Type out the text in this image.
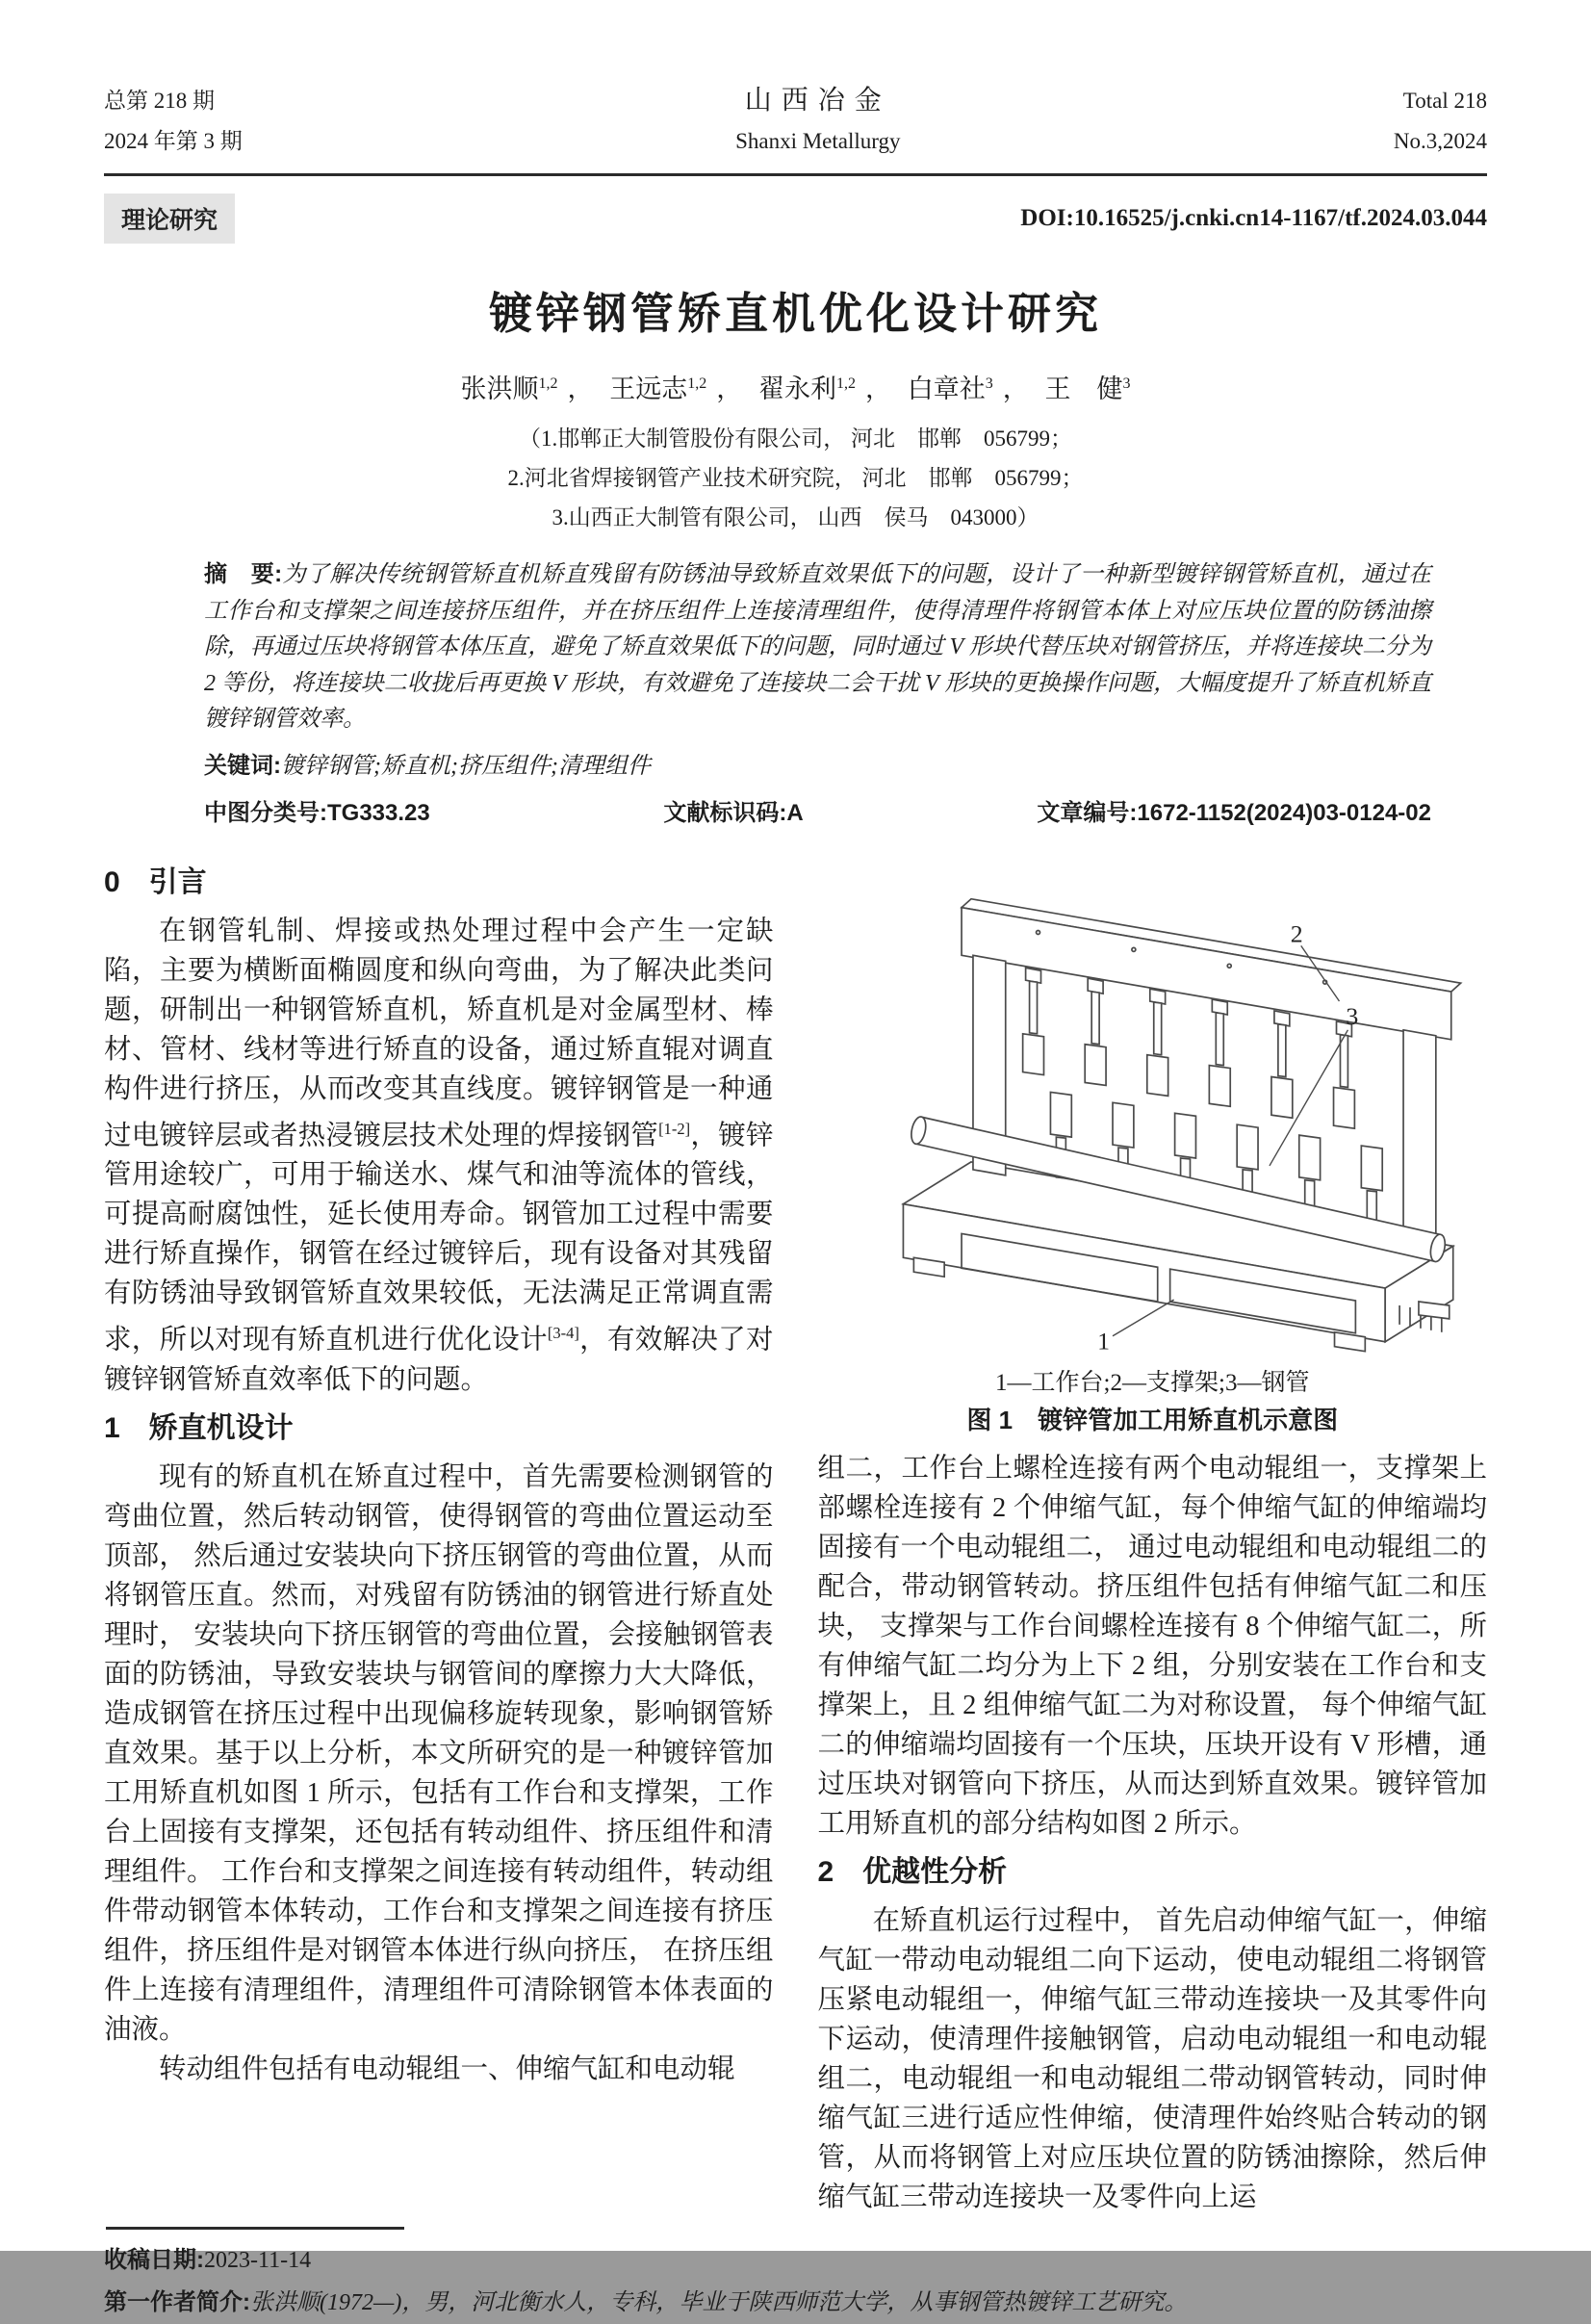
总第 218 期
2024 年第 3 期
山西冶金
Shanxi Metallurgy
Total 218
No.3,2024
理论研究	DOI:10.16525/j.cnki.cn14-1167/tf.2024.03.044
镀锌钢管矫直机优化设计研究
张洪顺$^{1,2}$ ， 王远志$^{1,2}$ ， 翟永利$^{1,2}$ ， 白章社$^3$ ， 王　健$^3$
（1.邯郸正大制管股份有限公司， 河北　邯郸　056799；
2.河北省焊接钢管产业技术研究院， 河北　邯郸　056799；
3.山西正大制管有限公司， 山西　侯马　043000）
摘　要:为了解决传统钢管矫直机矫直残留有防锈油导致矫直效果低下的问题，设计了一种新型镀锌钢管矫直机，通过在工作台和支撑架之间连接挤压组件，并在挤压组件上连接清理组件，使得清理件将钢管本体上对应压块位置的防锈油擦除，再通过压块将钢管本体压直，避免了矫直效果低下的问题，同时通过 V 形块代替压块对钢管挤压，并将连接块二分为 2 等份，将连接块二收拢后再更换 V 形块，有效避免了连接块二会干扰 V 形块的更换操作问题，大幅度提升了矫直机矫直镀锌钢管效率。
关键词:镀锌钢管;矫直机;挤压组件;清理组件
中图分类号:TG333.23	文献标识码:A	文章编号:1672-1152(2024)03-0124-02
0　引言

在钢管轧制、焊接或热处理过程中会产生一定缺陷，主要为横断面椭圆度和纵向弯曲，为了解决此类问题，研制出一种钢管矫直机，矫直机是对金属型材、棒材、管材、线材等进行矫直的设备，通过矫直辊对调直构件进行挤压，从而改变其直线度。镀锌钢管是一种通过电镀锌层或者热浸镀层技术处理的焊接钢管[1-2]，镀锌管用途较广，可用于输送水、煤气和油等流体的管线，可提高耐腐蚀性，延长使用寿命。钢管加工过程中需要进行矫直操作，钢管在经过镀锌后，现有设备对其残留有防锈油导致钢管矫直效果较低，无法满足正常调直需求，所以对现有矫直机进行优化设计[3-4]，有效解决了对镀锌钢管矫直效率低下的问题。

1　矫直机设计

现有的矫直机在矫直过程中，首先需要检测钢管的弯曲位置，然后转动钢管，使得钢管的弯曲位置运动至顶部， 然后通过安装块向下挤压钢管的弯曲位置，从而将钢管压直。然而，对残留有防锈油的钢管进行矫直处理时， 安装块向下挤压钢管的弯曲位置，会接触钢管表面的防锈油，导致安装块与钢管间的摩擦力大大降低，造成钢管在挤压过程中出现偏移旋转现象，影响钢管矫直效果。基于以上分析，本文所研究的是一种镀锌管加工用矫直机如图 1 所示，包括有工作台和支撑架，工作台上固接有支撑架，还包括有转动组件、挤压组件和清理组件。 工作台和支撑架之间连接有转动组件，转动组件带动钢管本体转动，工作台和支撑架之间连接有挤压组件，挤压组件是对钢管本体进行纵向挤压， 在挤压组件上连接有清理组件，清理组件可清除钢管本体表面的油液。

转动组件包括有电动辊组一、伸缩气缸和电动辊

2
3
1
1—工作台;2—支撑架;3—钢管
图 1　镀锌管加工用矫直机示意图

组二，工作台上螺栓连接有两个电动辊组一，支撑架上部螺栓连接有 2 个伸缩气缸，每个伸缩气缸的伸缩端均固接有一个电动辊组二， 通过电动辊组和电动辊组二的配合，带动钢管转动。挤压组件包括有伸缩气缸二和压块， 支撑架与工作台间螺栓连接有 8 个伸缩气缸二，所有伸缩气缸二均分为上下 2 组，分别安装在工作台和支撑架上，且 2 组伸缩气缸二为对称设置， 每个伸缩气缸二的伸缩端均固接有一个压块，压块开设有 V 形槽，通过压块对钢管向下挤压，从而达到矫直效果。镀锌管加工用矫直机的部分结构如图 2 所示。

2　优越性分析

在矫直机运行过程中， 首先启动伸缩气缸一，伸缩气缸一带动电动辊组二向下运动，使电动辊组二将钢管压紧电动辊组一，伸缩气缸三带动连接块一及其零件向下运动，使清理件接触钢管，启动电动辊组一和电动辊组二，电动辊组一和电动辊组二带动钢管转动，同时伸缩气缸三进行适应性伸缩，使清理件始终贴合转动的钢管，从而将钢管上对应压块位置的防锈油擦除，然后伸缩气缸三带动连接块一及零件向上运

收稿日期:2023-11-14
第一作者简介:张洪顺(1972—)，男，河北衡水人，专科，毕业于陕西师范大学，从事钢管热镀锌工艺研究。
